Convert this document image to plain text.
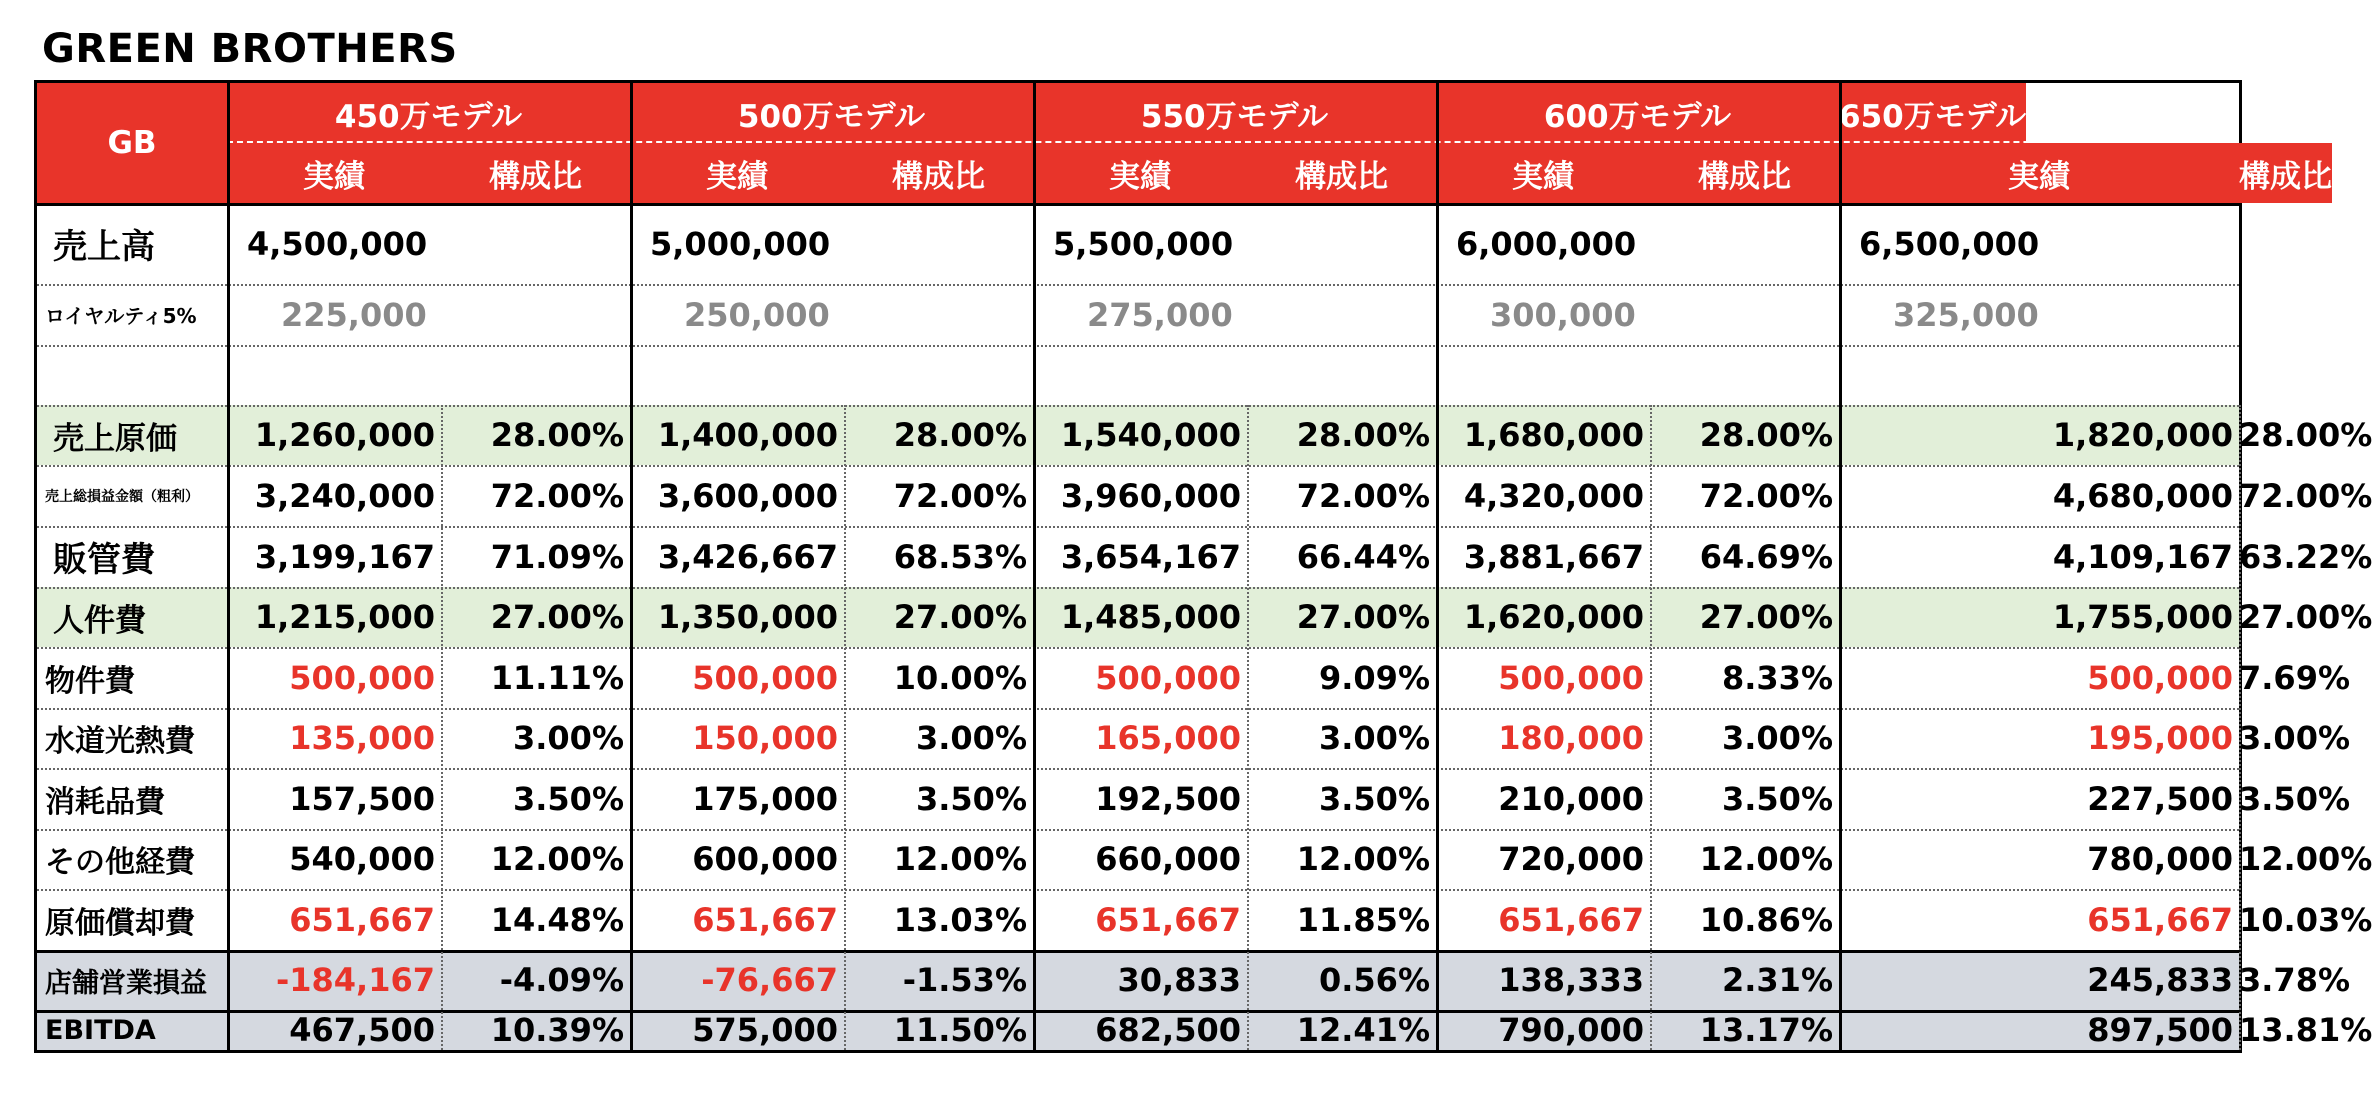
GREEN BROTHERS
GB
450万モデル
実績	構成比
500万モデル
実績	構成比
550万モデル
実績	構成比
600万モデル
実績	構成比
650万モデル
実績	構成比
売上高	4,500,000	5,000,000	5,500,000	6,000,000	6,500,000
ロイヤルティ5%	225,000	250,000	275,000	300,000	325,000
売上原価	1,260,000	28.00%	1,400,000	28.00%	1,540,000	28.00%	1,680,000	28.00%	1,820,000 28.00%
売上総損益金額（粗利）	3,240,000	72.00%	3,600,000	72.00%	3,960,000	72.00%	4,320,000	72.00%	4,680,000 72.00%
販管費	3,199,167	71.09%	3,426,667	68.53%	3,654,167	66.44%	3,881,667	64.69%	4,109,167 63.22%
人件費	1,215,000	27.00%	1,350,000	27.00%	1,485,000	27.00%	1,620,000	27.00%	1,755,000 27.00%
物件費	500,000	11.11%	500,000	10.00%	500,000	9.09%	500,000	8.33%	500,000 7.69%
水道光熱費	135,000	3.00%	150,000	3.00%	165,000	3.00%	180,000	3.00%	195,000 3.00%
消耗品費	157,500	3.50%	175,000	3.50%	192,500	3.50%	210,000	3.50%	227,500 3.50%
その他経費	540,000	12.00%	600,000	12.00%	660,000	12.00%	720,000	12.00%	780,000 12.00%
原価償却費	651,667	14.48%	651,667	13.03%	651,667	11.85%	651,667	10.86%	651,667 10.03%
店舗営業損益	-184,167	-4.09%	-76,667	-1.53%	30,833	0.56%	138,333	2.31%	245,833 3.78%
EBITDA	467,500	10.39%	575,000	11.50%	682,500	12.41%	790,000	13.17%	897,500 13.81%
